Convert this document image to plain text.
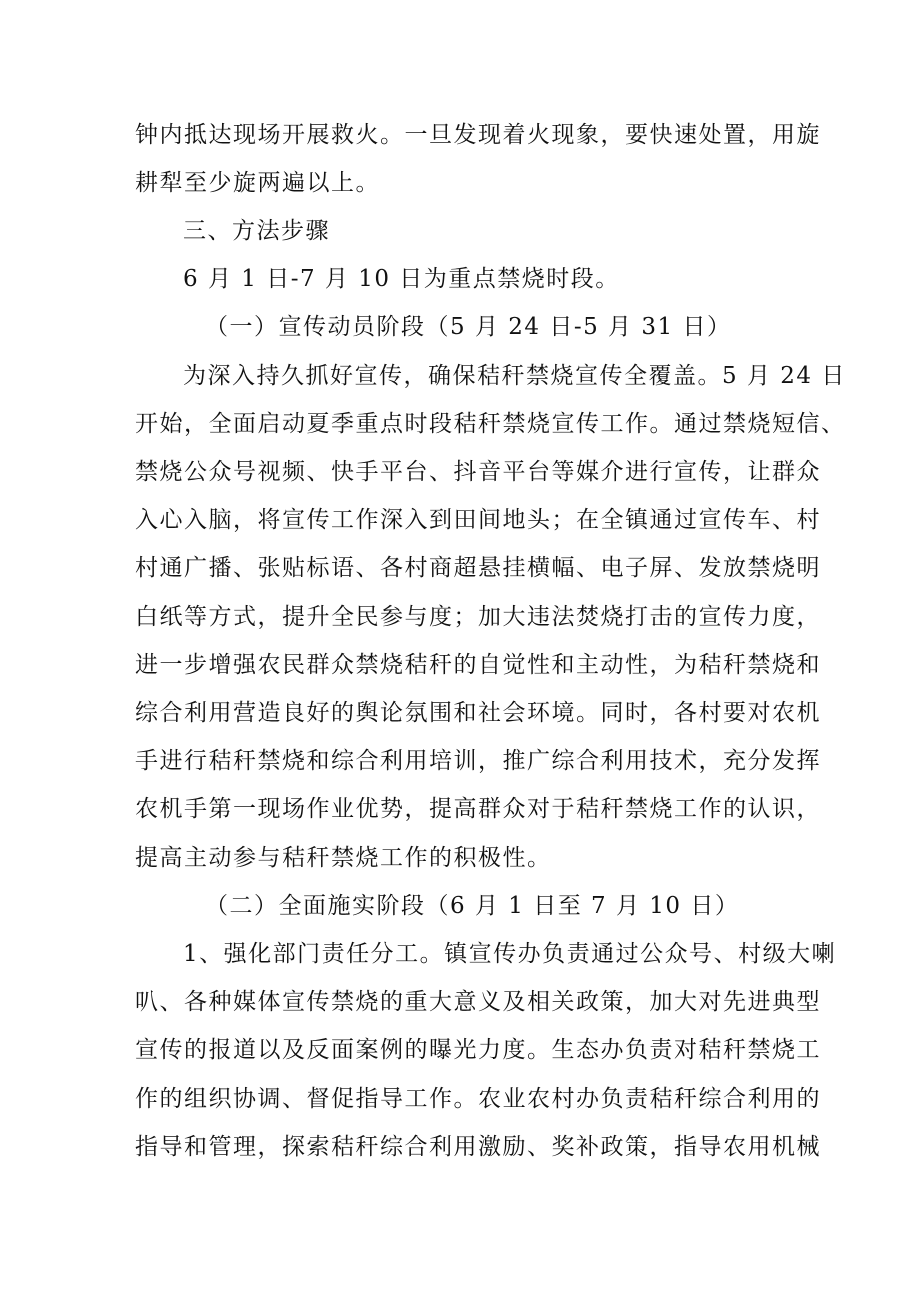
钟内抵达现场开展救火。一旦发现着火现象，要快速处置，用旋
耕犁至少旋两遍以上。
三、方法步骤
6 月 1 日-7 月 10 日为重点禁烧时段。
（一）宣传动员阶段（5 月 24 日-5 月 31 日）
为深入持久抓好宣传，确保秸秆禁烧宣传全覆盖。5 月 24 日
开始，全面启动夏季重点时段秸秆禁烧宣传工作。通过禁烧短信、
禁烧公众号视频、快手平台、抖音平台等媒介进行宣传，让群众
入心入脑，将宣传工作深入到田间地头；在全镇通过宣传车、村
村通广播、张贴标语、各村商超悬挂横幅、电子屏、发放禁烧明
白纸等方式，提升全民参与度；加大违法焚烧打击的宣传力度，
进一步增强农民群众禁烧秸秆的自觉性和主动性，为秸秆禁烧和
综合利用营造良好的舆论氛围和社会环境。同时，各村要对农机
手进行秸秆禁烧和综合利用培训，推广综合利用技术，充分发挥
农机手第一现场作业优势，提高群众对于秸秆禁烧工作的认识，
提高主动参与秸秆禁烧工作的积极性。
（二）全面施实阶段（6 月 1 日至 7 月 10 日）
1、强化部门责任分工。镇宣传办负责通过公众号、村级大喇
叭、各种媒体宣传禁烧的重大意义及相关政策，加大对先进典型
宣传的报道以及反面案例的曝光力度。生态办负责对秸秆禁烧工
作的组织协调、督促指导工作。农业农村办负责秸秆综合利用的
指导和管理，探索秸秆综合利用激励、奖补政策，指导农用机械
